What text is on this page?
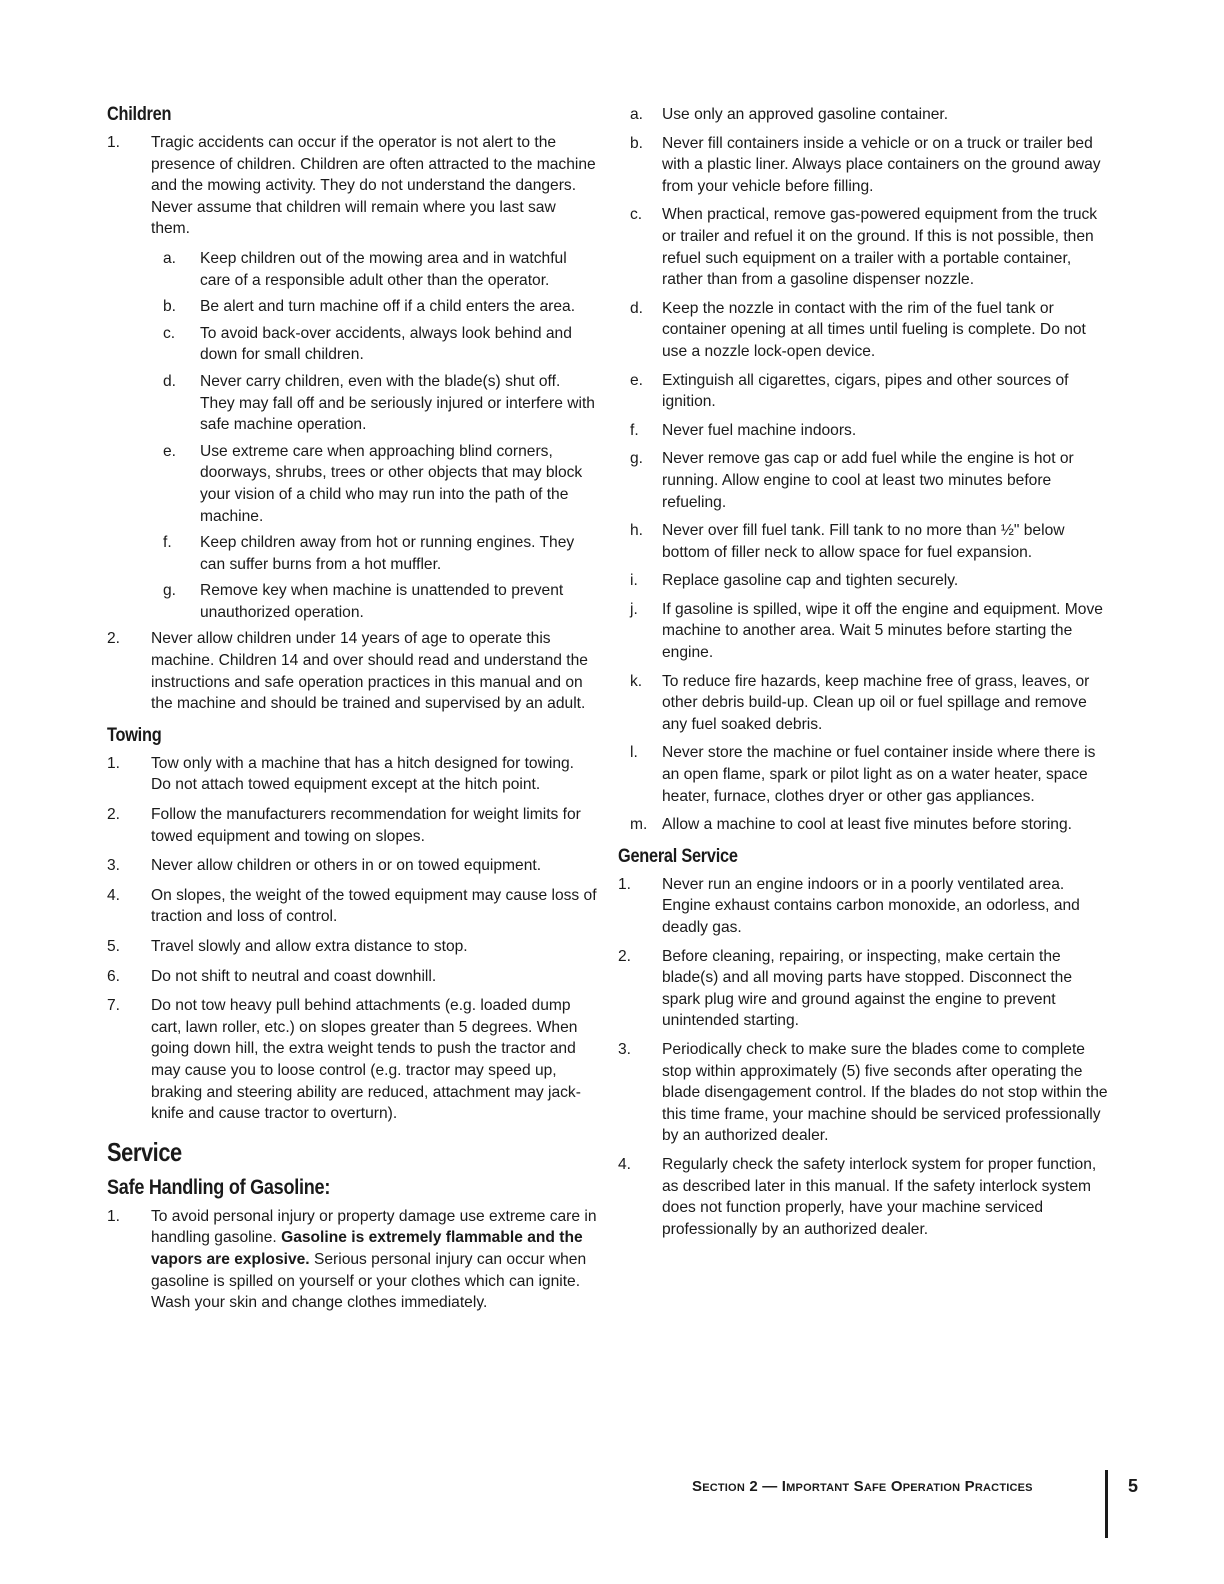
Children
1.	Tragic accidents can occur if the operator is not alert to the presence of children. Children are often attracted to the machine and the mowing activity. They do not understand the dangers. Never assume that children will remain where you last saw them.
a.	Keep children out of the mowing area and in watchful care of a responsible adult other than the operator.
b.	Be alert and turn machine off if a child enters the area.
c.	To avoid back-over accidents, always look behind and down for small children.
d.	Never carry children, even with the blade(s) shut off. They may fall off and be seriously injured or interfere with safe machine operation.
e.	Use extreme care when approaching blind corners, doorways, shrubs, trees or other objects that may block your vision of a child who may run into the path of the machine.
f.	Keep children away from hot or running engines. They can suffer burns from a hot muffler.
g.	Remove key when machine is unattended to prevent unauthorized operation.
2.	Never allow children under 14 years of age to operate this machine. Children 14 and over should read and understand the instructions and safe operation practices in this manual and on the machine and should be trained and supervised by an adult.
Towing
1.	Tow only with a machine that has a hitch designed for towing. Do not attach towed equipment except at the hitch point.
2.	Follow the manufacturers recommendation for weight limits for towed equipment and towing on slopes.
3.	Never allow children or others in or on towed equipment.
4.	On slopes, the weight of the towed equipment may cause loss of traction and loss of control.
5.	Travel slowly and allow extra distance to stop.
6.	Do not shift to neutral and coast downhill.
7.	Do not tow heavy pull behind attachments (e.g. loaded dump cart, lawn roller, etc.) on slopes greater than 5 degrees. When going down hill, the extra weight tends to push the tractor and may cause you to loose control (e.g. tractor may speed up, braking and steering ability are reduced, attachment may jack-knife and cause tractor to overturn).
Service
Safe Handling of Gasoline:
1.	To avoid personal injury or property damage use extreme care in handling gasoline. Gasoline is extremely flammable and the vapors are explosive. Serious personal injury can occur when gasoline is spilled on yourself or your clothes which can ignite. Wash your skin and change clothes immediately.
a.	Use only an approved gasoline container.
b.	Never fill containers inside a vehicle or on a truck or trailer bed with a plastic liner. Always place containers on the ground away from your vehicle before filling.
c.	When practical, remove gas-powered equipment from the truck or trailer and refuel it on the ground. If this is not possible, then refuel such equipment on a trailer with a portable container, rather than from a gasoline dispenser nozzle.
d.	Keep the nozzle in contact with the rim of the fuel tank or container opening at all times until fueling is complete. Do not use a nozzle lock-open device.
e.	Extinguish all cigarettes, cigars, pipes and other sources of ignition.
f.	Never fuel machine indoors.
g.	Never remove gas cap or add fuel while the engine is hot or running. Allow engine to cool at least two minutes before refueling.
h.	Never over fill fuel tank. Fill tank to no more than ½" below bottom of filler neck to allow space for fuel expansion.
i.	Replace gasoline cap and tighten securely.
j.	If gasoline is spilled, wipe it off the engine and equipment. Move machine to another area. Wait 5 minutes before starting the engine.
k.	To reduce fire hazards, keep machine free of grass, leaves, or other debris build-up. Clean up oil or fuel spillage and remove any fuel soaked debris.
l.	Never store the machine or fuel container inside where there is an open flame, spark or pilot light as on a water heater, space heater, furnace, clothes dryer or other gas appliances.
m. Allow a machine to cool at least five minutes before storing.
General Service
1.	Never run an engine indoors or in a poorly ventilated area. Engine exhaust contains carbon monoxide, an odorless, and deadly gas.
2.	Before cleaning, repairing, or inspecting, make certain the blade(s) and all moving parts have stopped. Disconnect the spark plug wire and ground against the engine to prevent unintended starting.
3.	Periodically check to make sure the blades come to complete stop within approximately (5) five seconds after operating the blade disengagement control. If the blades do not stop within the this time frame, your machine should be serviced professionally by an authorized dealer.
4.	Regularly check the safety interlock system for proper function, as described later in this manual. If the safety interlock system does not function properly, have your machine serviced professionally by an authorized dealer.
Section 2 — Important Safe Operation Practices	5
